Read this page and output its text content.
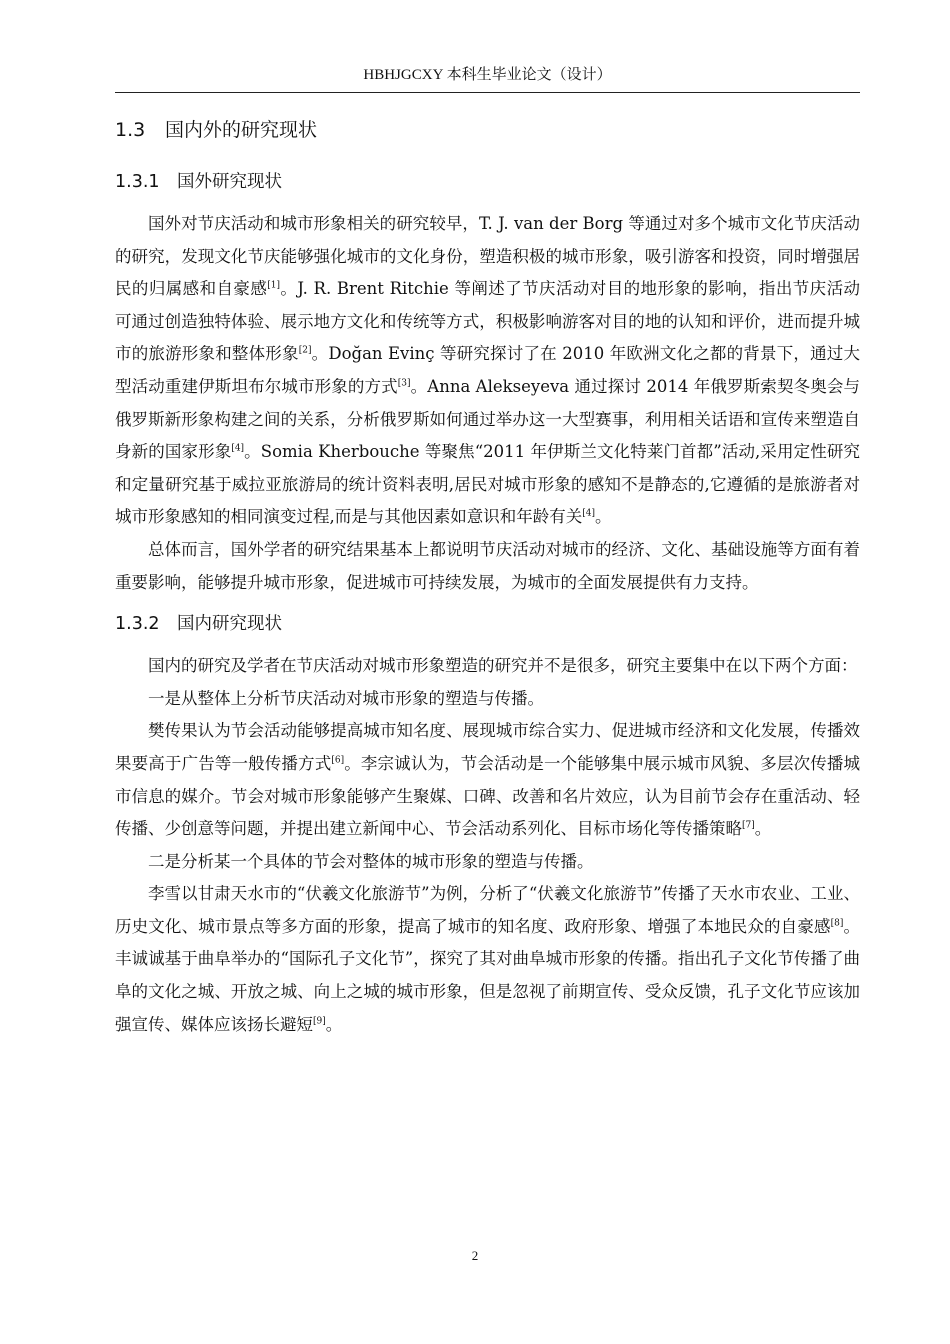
HBHJGCXY 本科生毕业论文（设计）
1.3 国内外的研究现状
1.3.1 国外研究现状

国外对节庆活动和城市形象相关的研究较早，T. J. van der Borg 等通过对多个城市文化节庆活动的研究，发现文化节庆能够强化城市的文化身份，塑造积极的城市形象，吸引游客和投资，同时增强居民的归属感和自豪感[1]。J. R. Brent Ritchie 等阐述了节庆活动对目的地形象的影响，指出节庆活动可通过创造独特体验、展示地方文化和传统等方式，积极影响游客对目的地的认知和评价，进而提升城市的旅游形象和整体形象[2]。Doğan Evinç 等研究探讨了在 2010 年欧洲文化之都的背景下，通过大型活动重建伊斯坦布尔城市形象的方式[3]。Anna Alekseyeva 通过探讨 2014 年俄罗斯索契冬奥会与俄罗斯新形象构建之间的关系，分析俄罗斯如何通过举办这一大型赛事，利用相关话语和宣传来塑造自身新的国家形象[4]。Somia Kherbouche 等聚焦“2011 年伊斯兰文化特莱门首都”活动,采用定性研究和定量研究基于威拉亚旅游局的统计资料表明,居民对城市形象的感知不是静态的,它遵循的是旅游者对城市形象感知的相同演变过程,而是与其他因素如意识和年龄有关[4]。

总体而言，国外学者的研究结果基本上都说明节庆活动对城市的经济、文化、基础设施等方面有着重要影响，能够提升城市形象，促进城市可持续发展，为城市的全面发展提供有力支持。

1.3.2 国内研究现状

国内的研究及学者在节庆活动对城市形象塑造的研究并不是很多，研究主要集中在以下两个方面：

一是从整体上分析节庆活动对城市形象的塑造与传播。

樊传果认为节会活动能够提高城市知名度、展现城市综合实力、促进城市经济和文化发展，传播效果要高于广告等一般传播方式[6]。李宗诚认为，节会活动是一个能够集中展示城市风貌、多层次传播城市信息的媒介。节会对城市形象能够产生聚媒、口碑、改善和名片效应，认为目前节会存在重活动、轻传播、少创意等问题，并提出建立新闻中心、节会活动系列化、目标市场化等传播策略[7]。

二是分析某一个具体的节会对整体的城市形象的塑造与传播。

李雪以甘肃天水市的“伏羲文化旅游节”为例，分析了“伏羲文化旅游节”传播了天水市农业、工业、历史文化、城市景点等多方面的形象，提高了城市的知名度、政府形象、增强了本地民众的自豪感[8]。丰诚诚基于曲阜举办的“国际孔子文化节”，探究了其对曲阜城市形象的传播。指出孔子文化节传播了曲阜的文化之城、开放之城、向上之城的城市形象，但是忽视了前期宣传、受众反馈，孔子文化节应该加强宣传、媒体应该扬长避短[9]。

2
